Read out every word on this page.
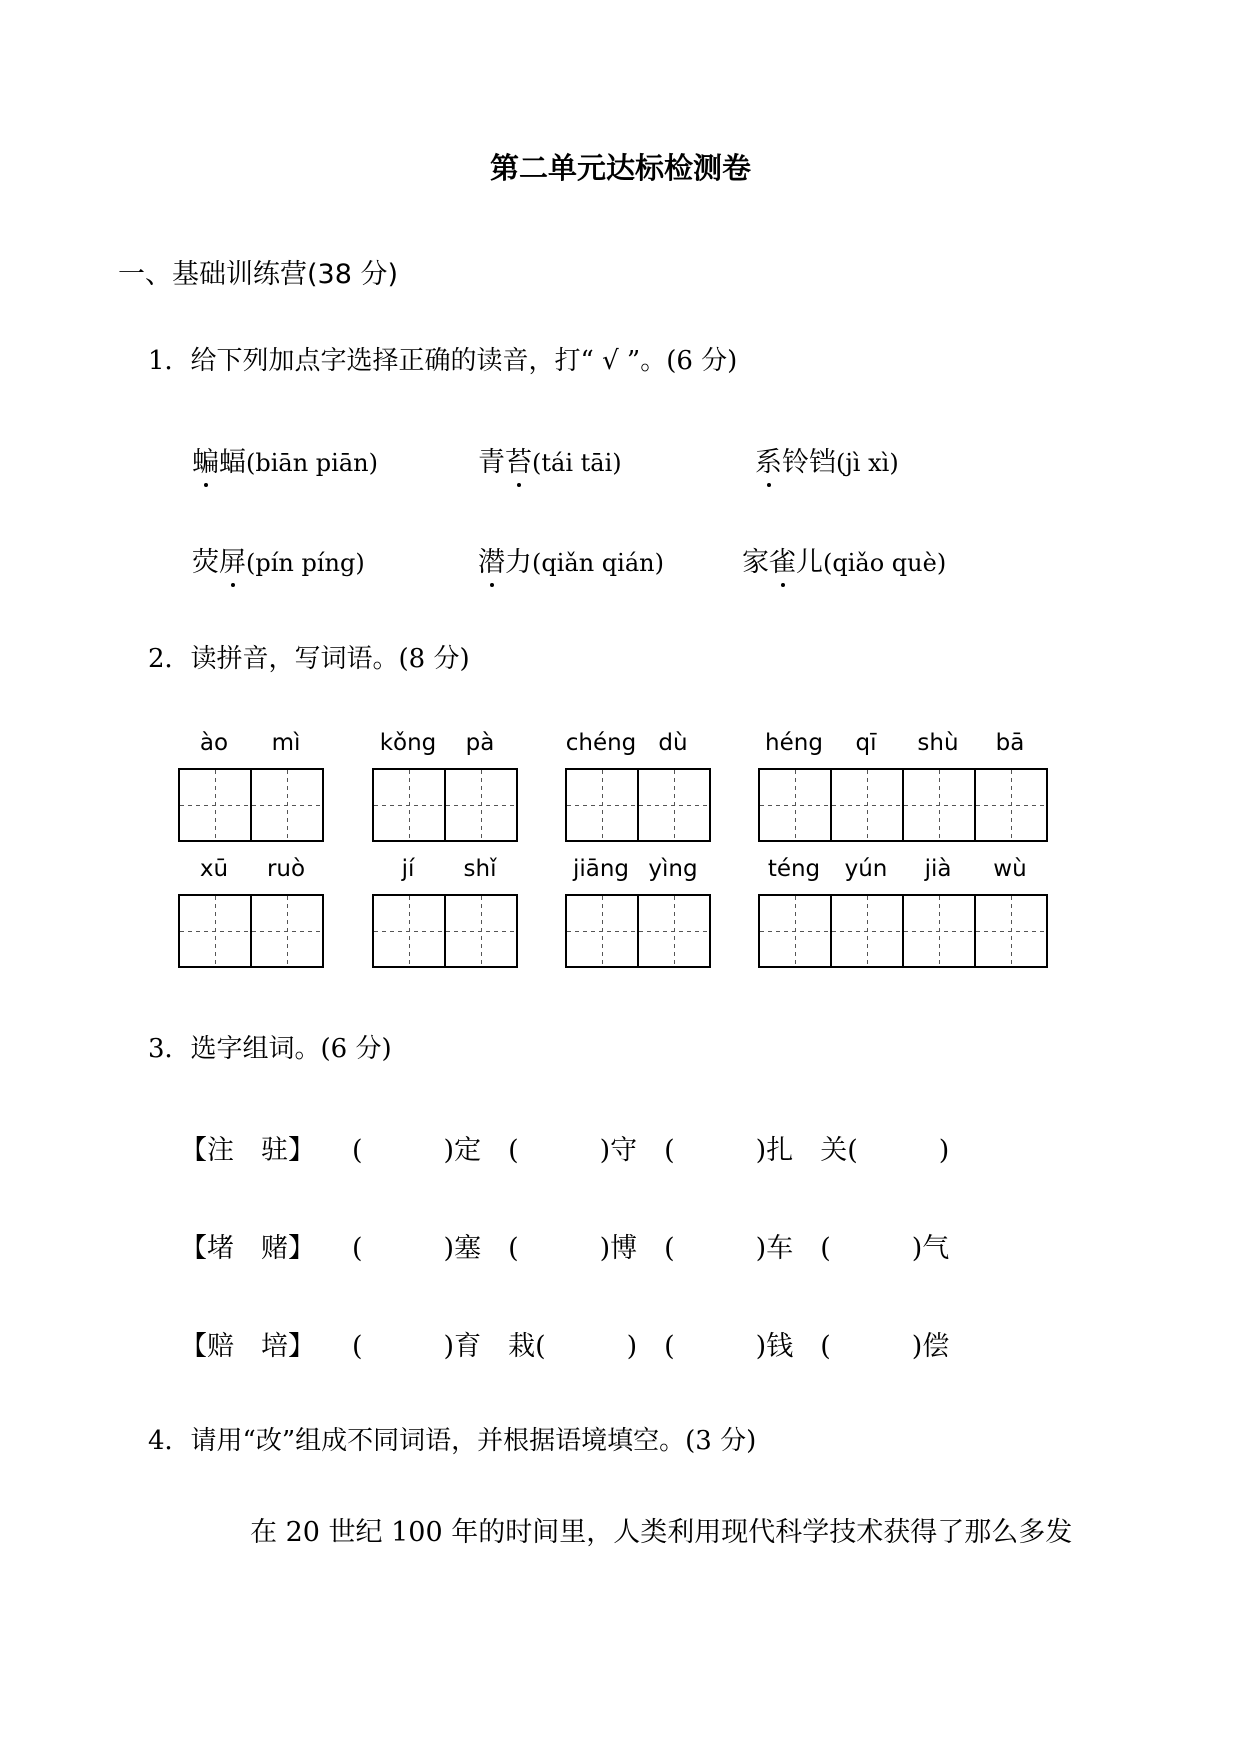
第二单元达标检测卷
一、基础训练营(38 分)
1．给下列加点字选择正确的读音，打“ √ ”。(6 分)
蝙蝠(biān piān)	青苔(tái tāi)	系铃铛(jì xì)
荧屏(pín píng)	潜力(qiǎn qián)	家雀儿(qiǎo què)
2．读拼音，写词语。(8 分)
ào	mì	kǒng	pà	chéng dù	héng	qī	shù	bā
xū	ruò	jí	shǐ	jiāng yìng	téng	yún	jià	wù
3．选字组词。(6 分)
【注　驻】 (　　　)定　(　　　)守　(　　　)扎　关(　　　)
【堵　赌】 (　　　)塞　(　　　)博　(　　　)车　(　　　)气
【赔　培】 (　　　)育　栽(　　　)　(　　　)钱　(　　　)偿
4．请用“改”组成不同词语，并根据语境填空。(3 分)
在 20 世纪 100 年的时间里，人类利用现代科学技术获得了那么多发
